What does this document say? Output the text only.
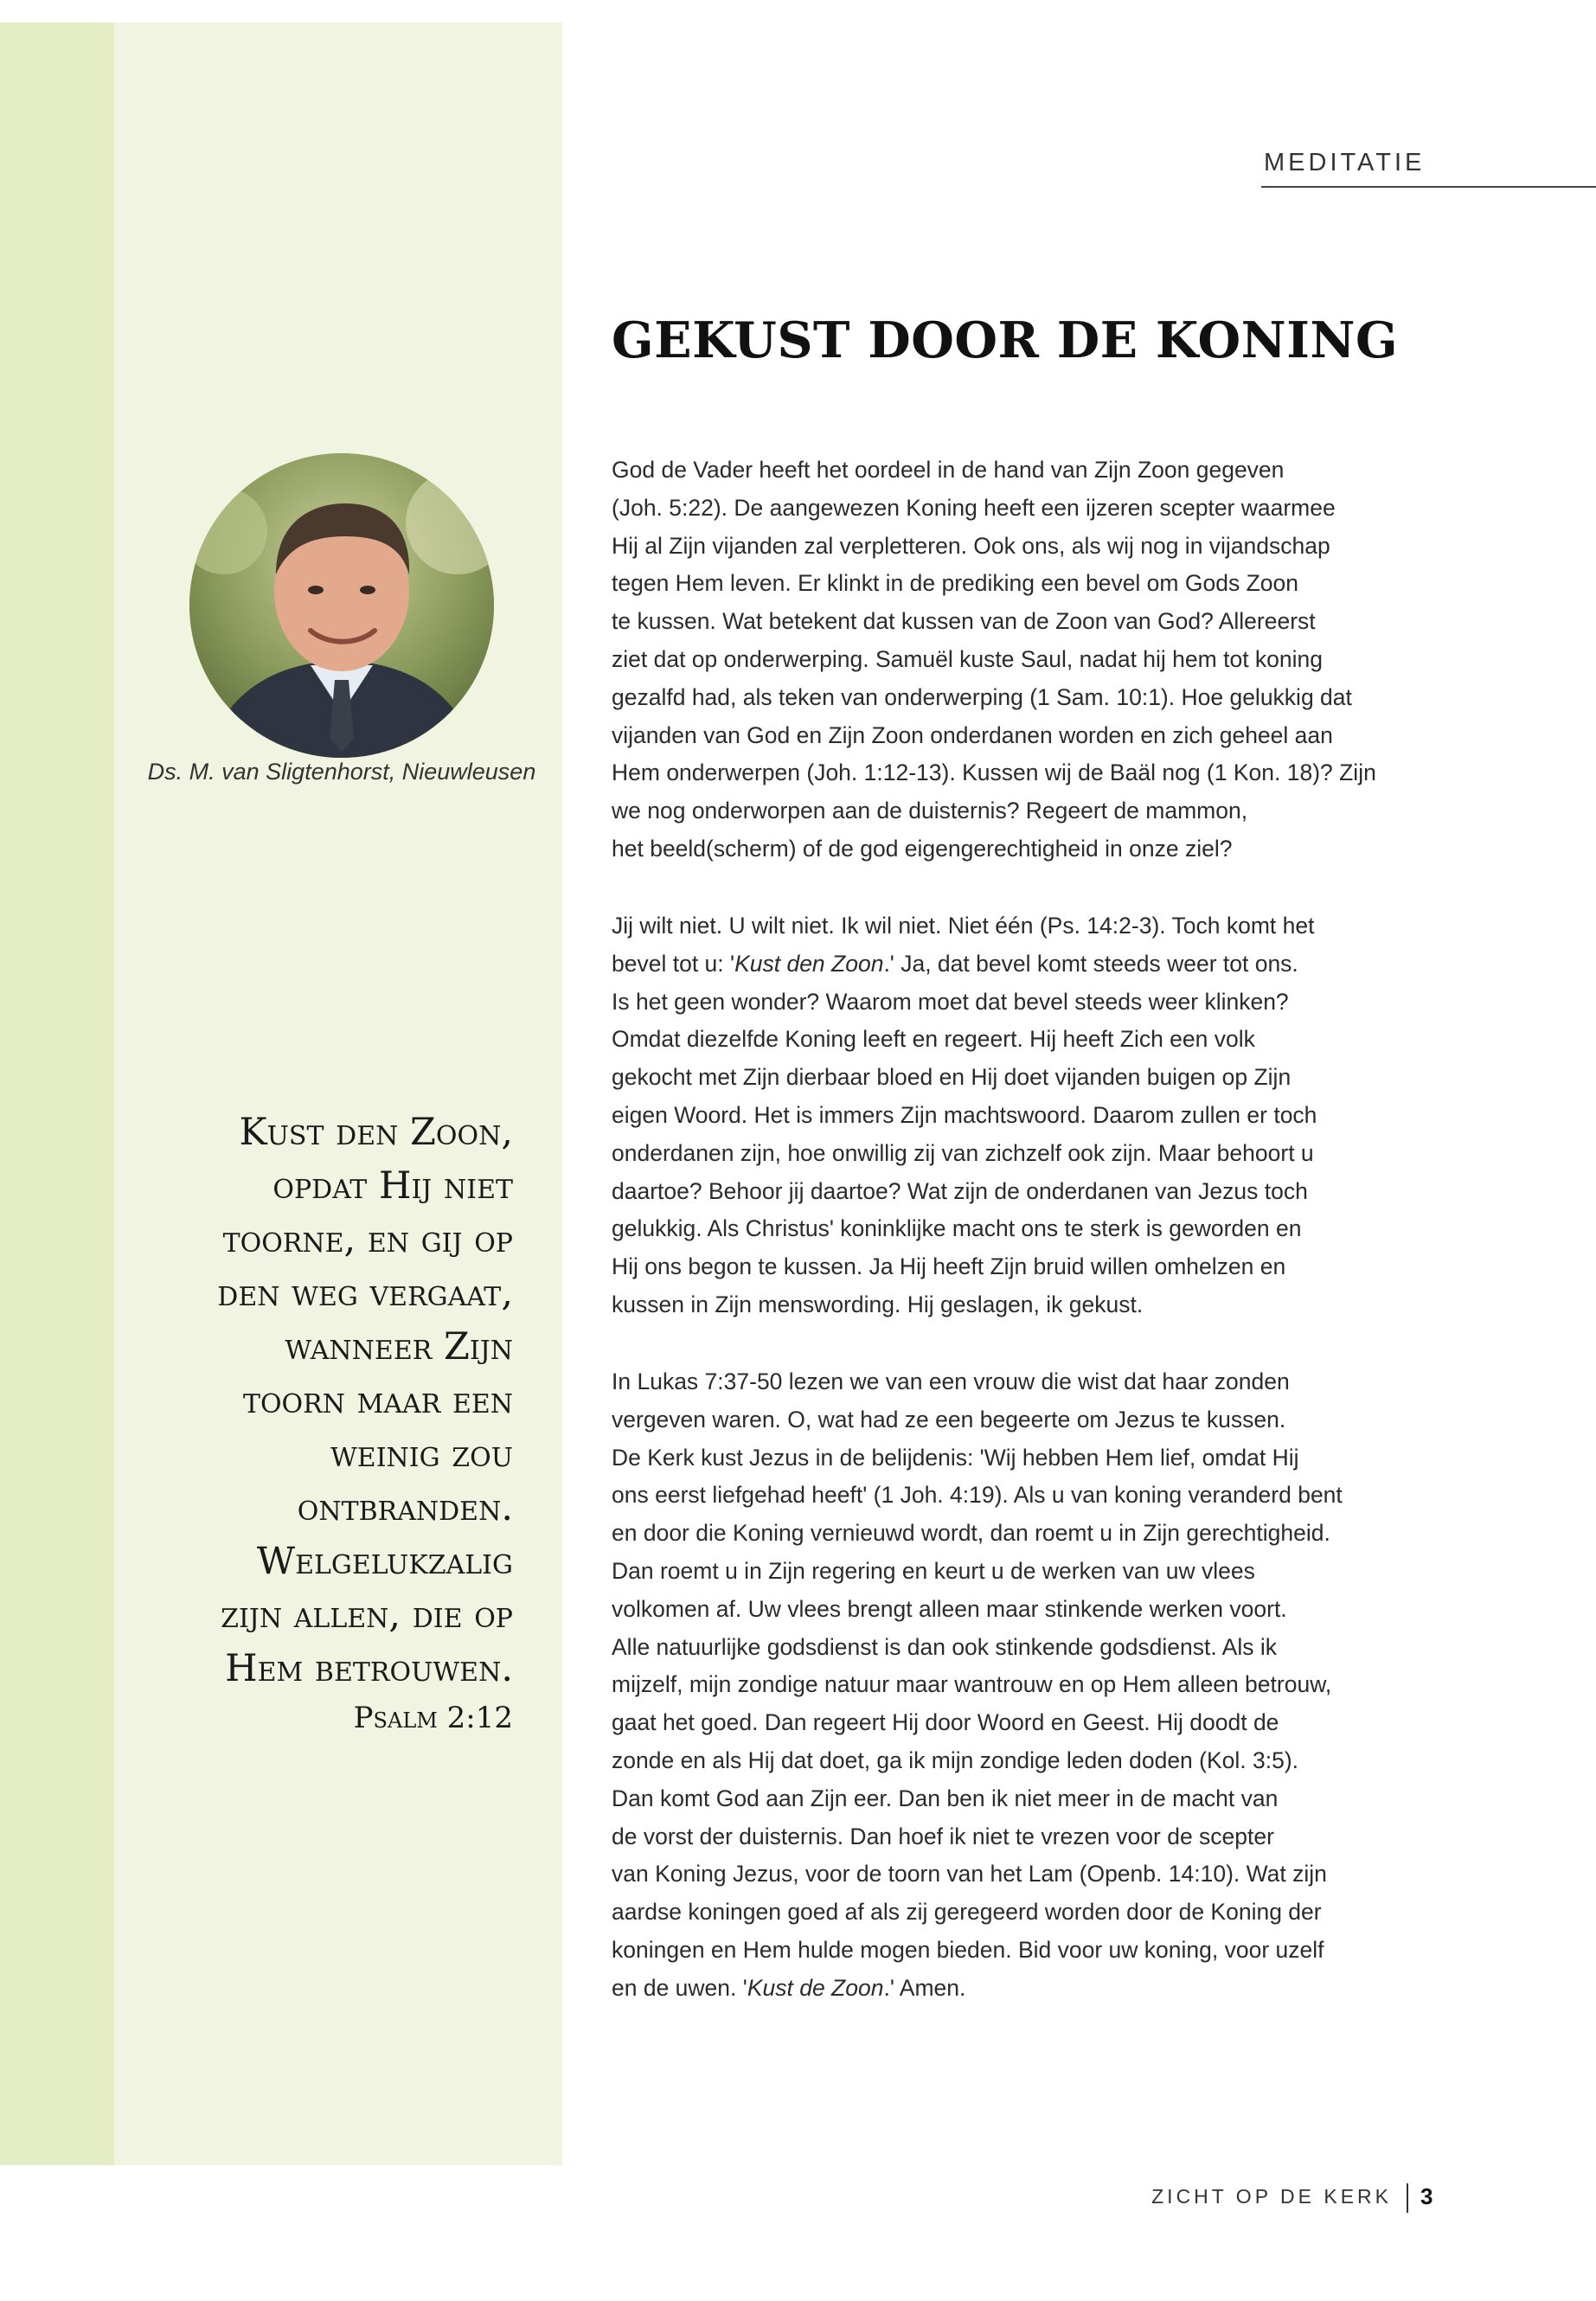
MEDITATIE
GEKUST DOOR DE KONING
Ds. M. van Sligtenhorst, Nieuwleusen
Kust den Zoon,
opdat Hij niet
toorne, en gij op
den weg vergaat,
wanneer Zijn
toorn maar een
weinig zou
ontbranden.
Welgelukzalig
zijn allen, die op
Hem betrouwen.
Psalm 2:12

God de Vader heeft het oordeel in de hand van Zijn Zoon gegeven

(Joh. 5:22). De aangewezen Koning heeft een ijzeren scepter waarmee

Hij al Zijn vijanden zal verpletteren. Ook ons, als wij nog in vijandschap

tegen Hem leven. Er klinkt in de prediking een bevel om Gods Zoon

te kussen. Wat betekent dat kussen van de Zoon van God? Allereerst

ziet dat op onderwerping. Samuël kuste Saul, nadat hij hem tot koning

gezalfd had, als teken van onderwerping (1 Sam. 10:1). Hoe gelukkig dat

vijanden van God en Zijn Zoon onderdanen worden en zich geheel aan

Hem onderwerpen (Joh. 1:12-13). Kussen wij de Baäl nog (1 Kon. 18)? Zijn

we nog onderworpen aan de duisternis? Regeert de mammon,

het beeld(scherm) of de god eigengerechtigheid in onze ziel?

Jij wilt niet. U wilt niet. Ik wil niet. Niet één (Ps. 14:2-3). Toch komt het

bevel tot u: 'Kust den Zoon.' Ja, dat bevel komt steeds weer tot ons.

Is het geen wonder? Waarom moet dat bevel steeds weer klinken?

Omdat diezelfde Koning leeft en regeert. Hij heeft Zich een volk

gekocht met Zijn dierbaar bloed en Hij doet vijanden buigen op Zijn

eigen Woord. Het is immers Zijn machtswoord. Daarom zullen er toch

onderdanen zijn, hoe onwillig zij van zichzelf ook zijn. Maar behoort u

daartoe? Behoor jij daartoe? Wat zijn de onderdanen van Jezus toch

gelukkig. Als Christus' koninklijke macht ons te sterk is geworden en

Hij ons begon te kussen. Ja Hij heeft Zijn bruid willen omhelzen en

kussen in Zijn menswording. Hij geslagen, ik gekust.

In Lukas 7:37-50 lezen we van een vrouw die wist dat haar zonden

vergeven waren. O, wat had ze een begeerte om Jezus te kussen.

De Kerk kust Jezus in de belijdenis: 'Wij hebben Hem lief, omdat Hij

ons eerst liefgehad heeft' (1 Joh. 4:19). Als u van koning veranderd bent

en door die Koning vernieuwd wordt, dan roemt u in Zijn gerechtigheid.

Dan roemt u in Zijn regering en keurt u de werken van uw vlees

volkomen af. Uw vlees brengt alleen maar stinkende werken voort.

Alle natuurlijke godsdienst is dan ook stinkende godsdienst. Als ik

mijzelf, mijn zondige natuur maar wantrouw en op Hem alleen betrouw,

gaat het goed. Dan regeert Hij door Woord en Geest. Hij doodt de

zonde en als Hij dat doet, ga ik mijn zondige leden doden (Kol. 3:5).

Dan komt God aan Zijn eer. Dan ben ik niet meer in de macht van

de vorst der duisternis. Dan hoef ik niet te vrezen voor de scepter

van Koning Jezus, voor de toorn van het Lam (Openb. 14:10). Wat zijn

aardse koningen goed af als zij geregeerd worden door de Koning der

koningen en Hem hulde mogen bieden. Bid voor uw koning, voor uzelf

en de uwen. 'Kust de Zoon.' Amen.

ZICHT OP DE KERK 3
